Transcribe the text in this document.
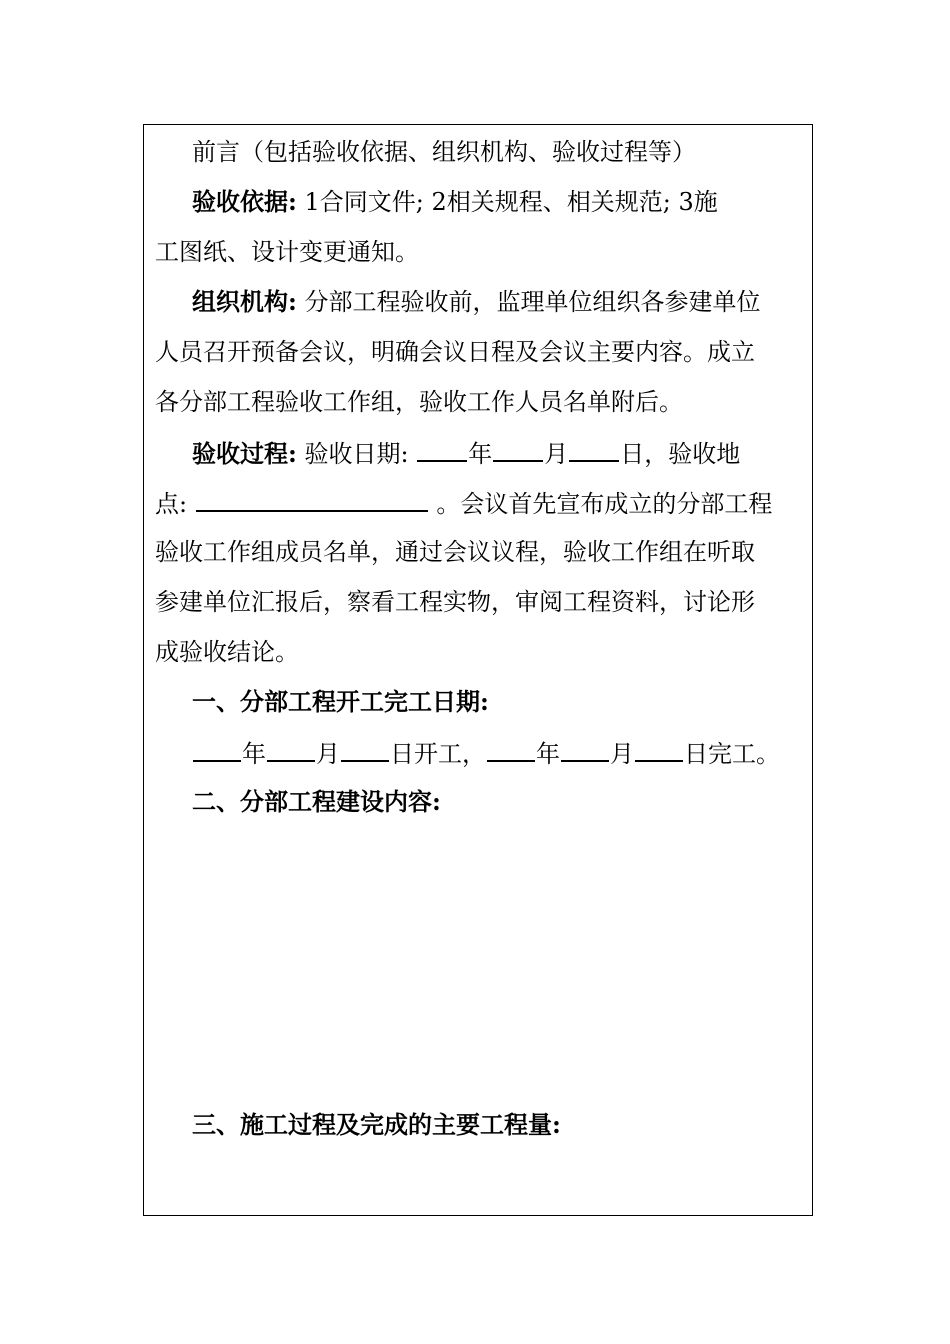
前言（包括验收依据、组织机构、验收过程等）
验收依据: 1合同文件; 2相关规程、相关规范; 3施
工图纸、设计变更通知。
组织机构: 分部工程验收前，监理单位组织各参建单位
人员召开预备会议，明确会议日程及会议主要内容。成立
各分部工程验收工作组，验收工作人员名单附后。
验收过程: 验收日期: 年 月 日，验收地
点:	。会议首先宣布成立的分部工程
验收工作组成员名单，通过会议议程，验收工作组在听取
参建单位汇报后，察看工程实物，审阅工程资料，讨论形
成验收结论。
一、分部工程开工完工日期:
年 月 日开工， 年 月 日完工。
二、分部工程建设内容:
三、施工过程及完成的主要工程量:
